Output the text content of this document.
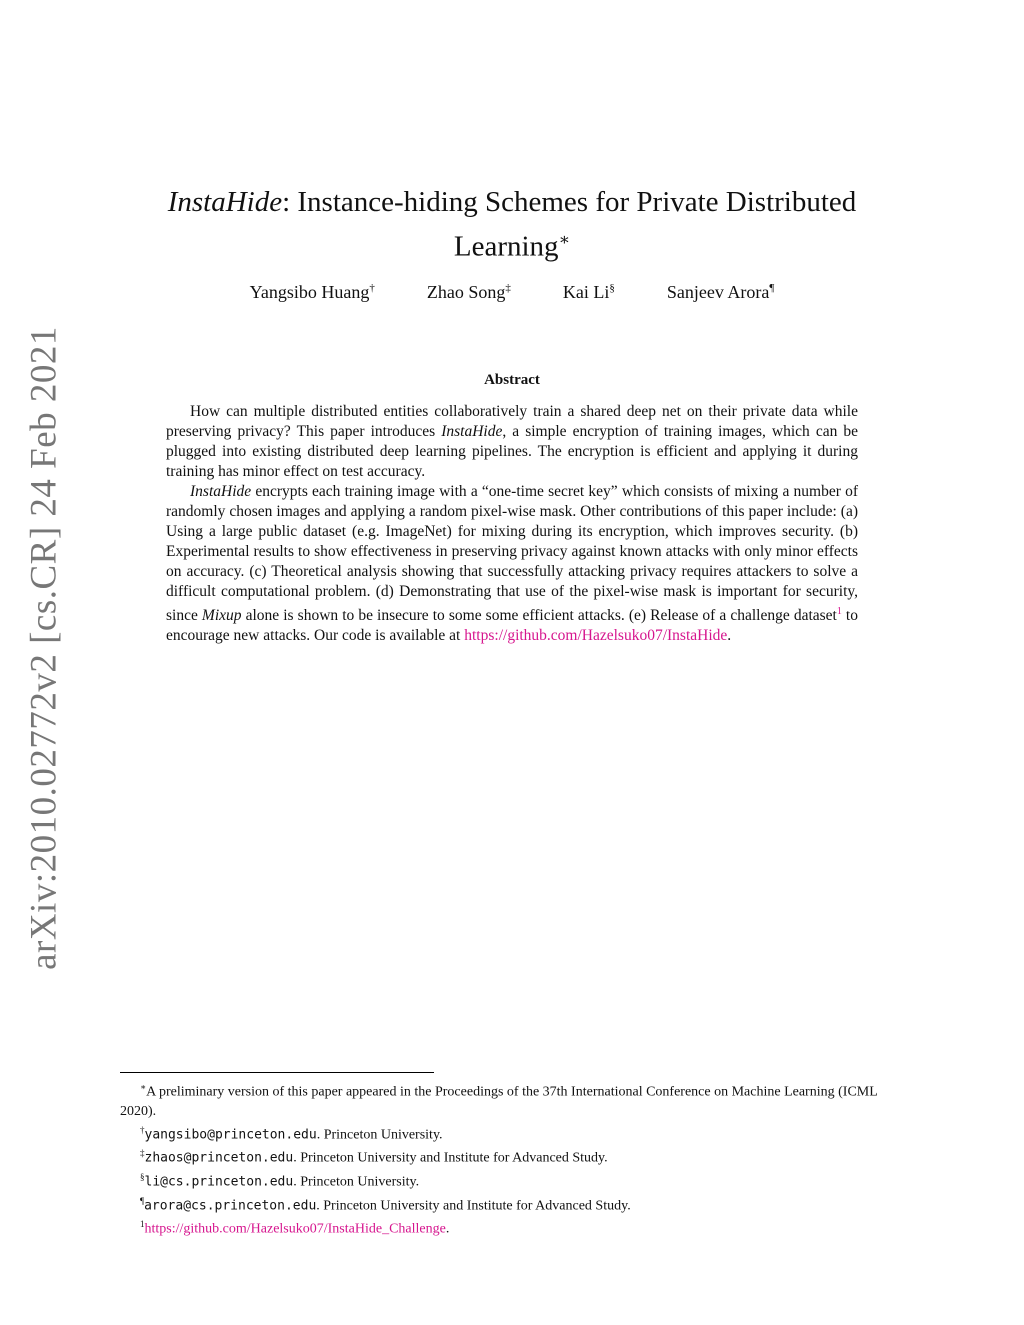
arXiv:2010.02772v2 [cs.CR] 24 Feb 2021
InstaHide: Instance-hiding Schemes for Private Distributed
Learning∗
Yangsibo Huang†	Zhao Song‡	Kai Li§	Sanjeev Arora¶
Abstract

How can multiple distributed entities collaboratively train a shared deep net on their private data while preserving privacy? This paper introduces InstaHide, a simple encryption of training images, which can be plugged into existing distributed deep learning pipelines. The encryption is efficient and applying it during training has minor effect on test accuracy.

InstaHide encrypts each training image with a “one-time secret key” which consists of mixing a number of randomly chosen images and applying a random pixel-wise mask. Other contributions of this paper include: (a) Using a large public dataset (e.g. ImageNet) for mixing during its encryption, which improves security. (b) Experimental results to show effectiveness in preserving privacy against known attacks with only minor effects on accuracy. (c) Theoretical analysis showing that successfully attacking privacy requires attackers to solve a difficult computational problem. (d) Demonstrating that use of the pixel-wise mask is important for security, since Mixup alone is shown to be insecure to some some efficient attacks. (e) Release of a challenge dataset$^1$ to encourage new attacks. Our code is available at https://github.com/Hazelsuko07/InstaHide.

∗A preliminary version of this paper appeared in the Proceedings of the 37th International Conference on Machine Learning (ICML 2020).

†yangsibo@princeton.edu. Princeton University.

‡zhaos@princeton.edu. Princeton University and Institute for Advanced Study.

§li@cs.princeton.edu. Princeton University.

¶arora@cs.princeton.edu. Princeton University and Institute for Advanced Study.

$^1$https://github.com/Hazelsuko07/InstaHide_Challenge.
